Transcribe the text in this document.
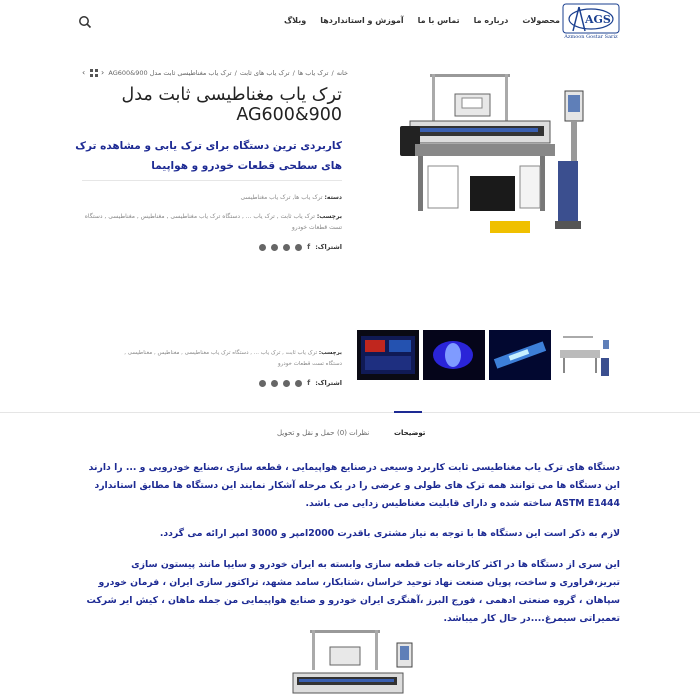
محصولات
درباره ما
تماس با ما
آموزش و استانداردها
وبلاگ	AGS
Azmoon Gostar Sariz
‹ ›	خانه/ترک یاب ها/ترک یاب های ثابت/ترک یاب مغناطیسی ثابت مدل AG600&900
ترک یاب مغناطیسی ثابت مدل AG600&900
کاربردی ترین دستگاه برای ترک یابی و مشاهده ترک های سطحی قطعات خودرو و هواپیما
دسته: ترک یاب ها, ترک یاب مغناطیسی
برچسب: ترک یاب ثابت , ترک یاب ... , دستگاه ترک یاب مغناطیسی , مغناطیس , مغناطیسی , دستگاه تست قطعات خودرو
اشتراک:
f
برچسب: ترک یاب ثابت , ترک یاب ... , دستگاه ترک یاب مغناطیسی , مغناطیس , مغناطیسی ,
دستگاه تست قطعات خودرو
اشتراک:
f
توضیحات
نظرات (0)
حمل و نقل و تحویل

دستگاه های ترک یاب مغناطیسی ثابت کاربرد وسیعی درصنایع هواپیمایی ، قطعه سازی ،صنایع خودرویی و ... را دارند این دستگاه ها می توانند همه ترک های طولی و عرضی را در یک مرحله آشکار نمایند این دستگاه ها مطابق استاندارد ASTM E1444 ساخته شده و دارای قابلیت مغناطیس زدایی می باشد.

لازم به ذکر است این دستگاه ها با توجه به نیاز مشتری باقدرت 2000امپر و 3000 امپر ارائه می گردد.

این سری از دستگاه ها در اکثر کارخانه جات قطعه سازی وابسته به ایران خودرو و سایپا مانند پیستون سازی تبریز،فراوری و ساخت، پویان صنعت نهاد توحید خراسان ،شتابکار، سامد مشهد، تراکتور سازی ایران ، فرمان خودرو سپاهان ، گروه صنعتی ادهمی ، فورج البرز ،آهنگری ایران خودرو و صنایع هواپیمایی من جمله ماهان ، کیش ایر شرکت تعمیراتی سیمرغ....در حال کار میباشد.
